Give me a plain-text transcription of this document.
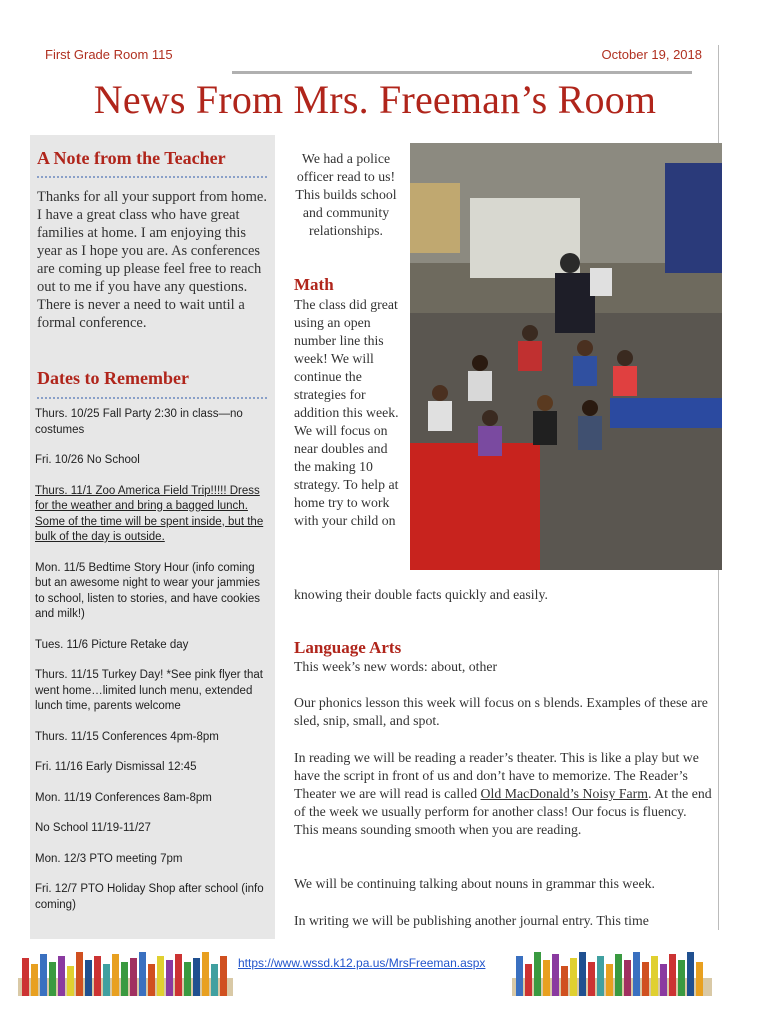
First Grade Room 115	October 19, 2018
News From Mrs. Freeman’s Room
A Note from the Teacher
Thanks for all your support from home. I have a great class who have great families at home. I am enjoying this year as I hope you are. As conferences are coming up please feel free to reach out to me if you have any questions. There is never a need to wait until a formal conference.
Dates to Remember
Thurs. 10/25 Fall Party 2:30 in class—no costumes
Fri. 10/26 No School
Thurs. 11/1 Zoo America Field Trip!!!!! Dress for the weather and bring a bagged lunch. Some of the time will be spent inside, but the bulk of the day is outside.
Mon. 11/5 Bedtime Story Hour (info coming but an awesome night to wear your jammies to school, listen to stories, and have cookies and milk!)
Tues. 11/6 Picture Retake day
Thurs. 11/15 Turkey Day! *See pink flyer that went home…limited lunch menu, extended lunch time, parents welcome
Thurs. 11/15 Conferences 4pm-8pm
Fri. 11/16 Early Dismissal 12:45
Mon. 11/19 Conferences 8am-8pm
No School 11/19-11/27
Mon. 12/3 PTO meeting 7pm
Fri. 12/7 PTO Holiday Shop after school (info coming)
We had a police officer read to us! This builds school and community relationships.
Math
The class did great using an open number line this week! We will continue the strategies for addition this week. We will focus on near doubles and the making 10 strategy. To help at home try to work with your child on
knowing their double facts quickly and easily.
Language Arts
This week’s new words: about, other
Our phonics lesson this week will focus on s blends. Examples of these are sled, snip, small, and spot.
In reading we will be reading a reader’s theater. This is like a play but we have the script in front of us and don’t have to memorize. The Reader’s Theater we are will read is called Old MacDonald’s Noisy Farm. At the end of the week we usually perform for another class! Our focus is fluency. This means sounding smooth when you are reading.
We will be continuing talking about nouns in grammar this week.
In writing we will be publishing another journal entry. This time
https://www.wssd.k12.pa.us/MrsFreeman.aspx
